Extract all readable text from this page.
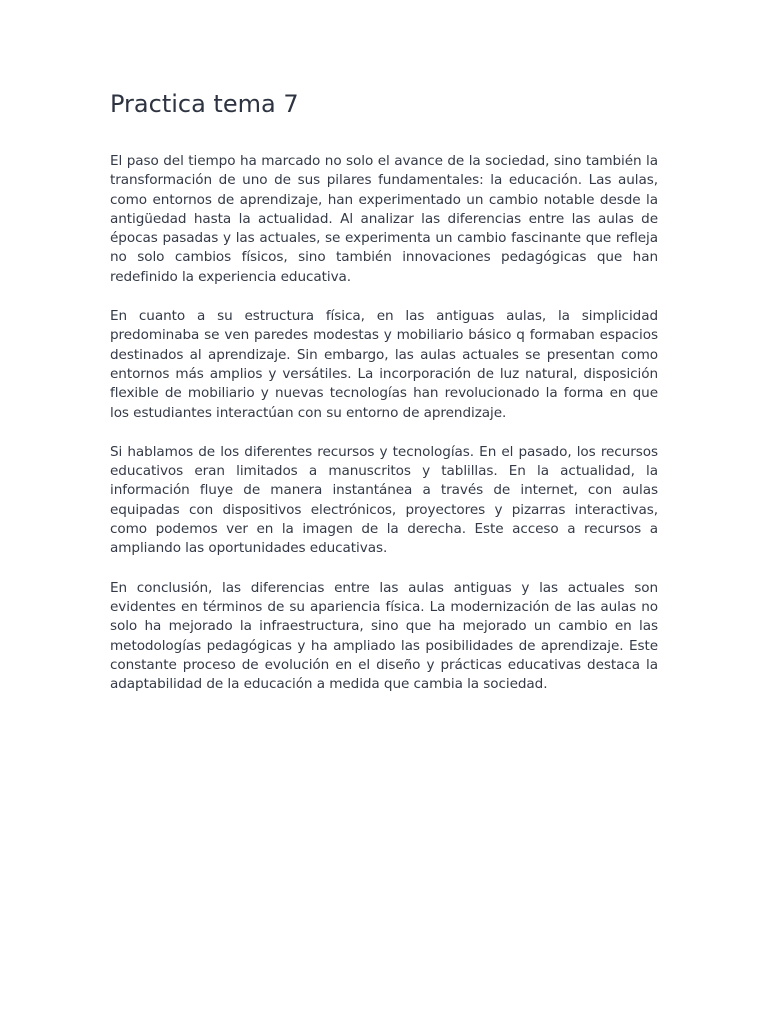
Practica tema 7

El paso del tiempo ha marcado no solo el avance de la sociedad, sino también la transformación de uno de sus pilares fundamentales: la educación. Las aulas, como entornos de aprendizaje, han experimentado un cambio notable desde la antigüedad hasta la actualidad. Al analizar las diferencias entre las aulas de épocas pasadas y las actuales, se experimenta un cambio fascinante que refleja no solo cambios físicos, sino también innovaciones pedagógicas que han redefinido la experiencia educativa.

En cuanto a su estructura física, en las antiguas aulas, la simplicidad predominaba se ven paredes modestas y mobiliario básico q formaban espacios destinados al aprendizaje. Sin embargo, las aulas actuales se presentan como entornos más amplios y versátiles. La incorporación de luz natural, disposición flexible de mobiliario y nuevas tecnologías han revolucionado la forma en que los estudiantes interactúan con su entorno de aprendizaje.

Si hablamos de los diferentes recursos y tecnologías. En el pasado, los recursos educativos eran limitados a manuscritos y tablillas. En la actualidad, la información fluye de manera instantánea a través de internet, con aulas equipadas con dispositivos electrónicos, proyectores y pizarras interactivas, como podemos ver en la imagen de la derecha. Este acceso a recursos a ampliando las oportunidades educativas.

En conclusión, las diferencias entre las aulas antiguas y las actuales son evidentes en términos de su apariencia física. La modernización de las aulas no solo ha mejorado la infraestructura, sino que ha mejorado un cambio en las metodologías pedagógicas y ha ampliado las posibilidades de aprendizaje. Este constante proceso de evolución en el diseño y prácticas educativas destaca la adaptabilidad de la educación a medida que cambia la sociedad.
